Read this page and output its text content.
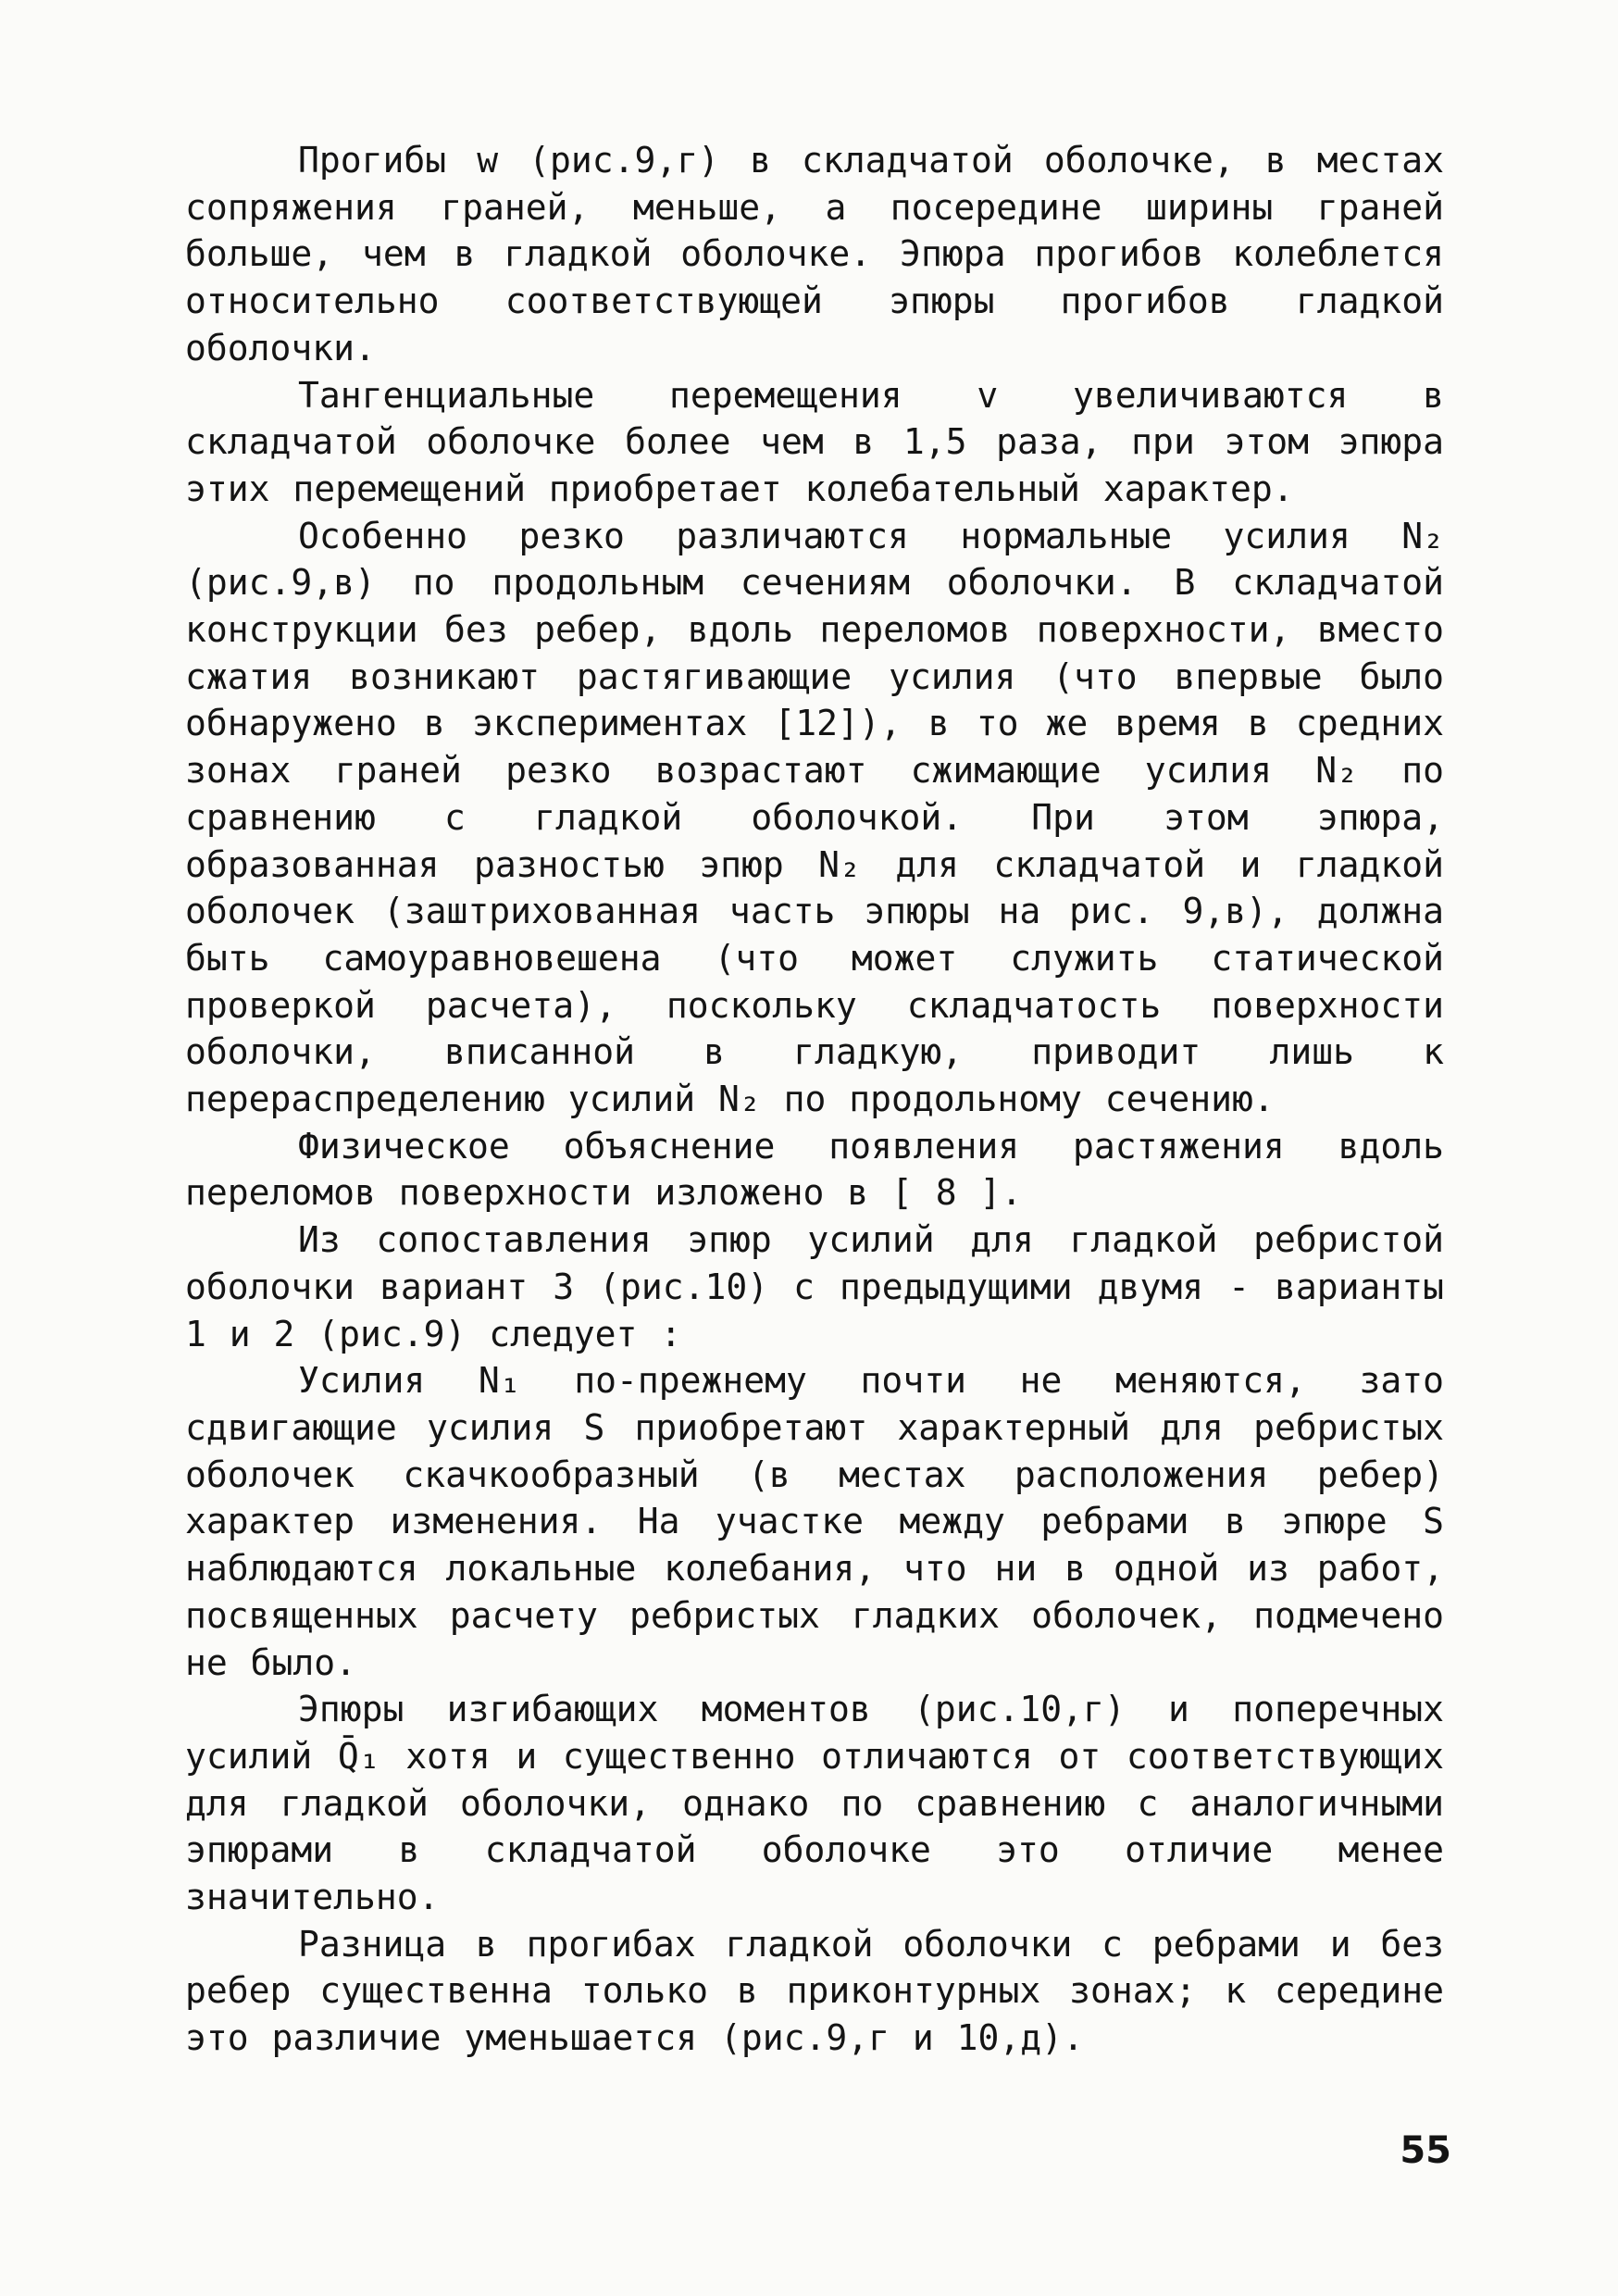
Прогибы w (рис.9,г) в складчатой оболочке, в местах сопряжения граней, меньше, а посередине ширины граней больше, чем в гладкой оболочке. Эпюра прогибов колеблется относительно соответствующей эпюры прогибов гладкой оболочки.

Тангенциальные перемещения v увеличиваются в складчатой оболочке более чем в 1,5 раза, при этом эпюра этих перемещений приобретает колебательный характер.

Особенно резко различаются нормальные усилия N₂ (рис.9,в) по продольным сечениям оболочки. В складчатой конструкции без ребер, вдоль переломов поверхности, вместо сжатия возникают растягивающие усилия (что впервые было обнаружено в экспериментах [12]), в то же время в средних зонах граней резко возрастают сжимающие усилия N₂ по сравнению с гладкой оболочкой. При этом эпюра, образованная разностью эпюр N₂ для складчатой и гладкой оболочек (заштрихованная часть эпюры на рис. 9,в), должна быть самоуравновешена (что может служить статической проверкой расчета), поскольку складчатость поверхности оболочки, вписанной в гладкую, приводит лишь к перераспределению усилий N₂ по продольному сечению.

Физическое объяснение появления растяжения вдоль переломов поверхности изложено в [ 8 ].

Из сопоставления эпюр усилий для гладкой ребристой оболочки вариант 3 (рис.10) с предыдущими двумя - варианты 1 и 2 (рис.9) следует :

Усилия N₁ по-прежнему почти не меняются, зато сдвигающие усилия S приобретают характерный для ребристых оболочек скачкообразный (в местах расположения ребер) характер изменения. На участке между ребрами в эпюре S наблюдаются локальные колебания, что ни в одной из работ, посвященных расчету ребристых гладких оболочек, подмечено не было.

Эпюры изгибающих моментов (рис.10,г) и поперечных усилий Q̄₁ хотя и существенно отличаются от соответствующих для гладкой оболочки, однако по сравнению с аналогичными эпюрами в складчатой оболочке это отличие менее значительно.

Разница в прогибах гладкой оболочки с ребрами и без ребер существенна только в приконтурных зонах; к середине это различие уменьшается (рис.9,г и 10,д).

55
